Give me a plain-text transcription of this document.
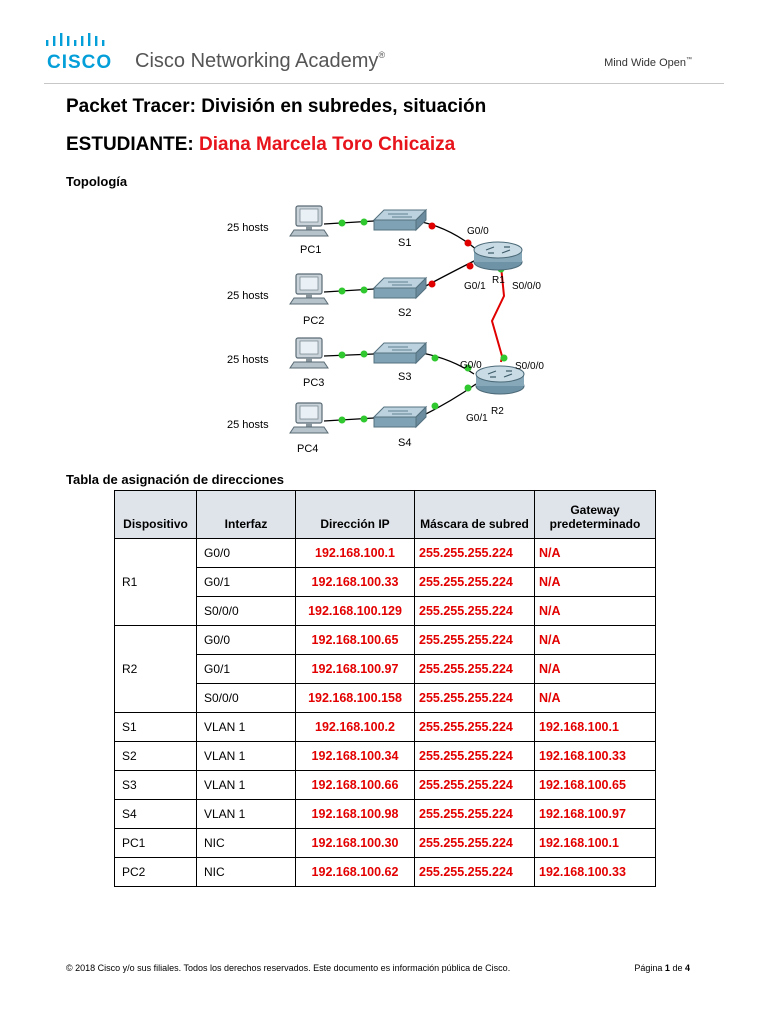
CISCO Cisco Networking Academy®
Mind Wide Open™
Packet Tracer: División en subredes, situación
ESTUDIANTE: Diana Marcela Toro Chicaiza
Topología
25 hosts
25 hosts
25 hosts
25 hosts
PC1
PC2
PC3
PC4
S1
S2
S3
S4
G0/0
R1
G0/1	S0/0/0
G0/0	S0/0/0
G0/1
R2
Tabla de asignación de direcciones
Dispositivo	Interfaz	Dirección IP	Máscara de subred	Gateway predeterminado
R1	G0/0	192.168.100.1	255.255.255.224	N/A
	G0/1	192.168.100.33	255.255.255.224	N/A
	S0/0/0	192.168.100.129	255.255.255.224	N/A
R2	G0/0	192.168.100.65	255.255.255.224	N/A
	G0/1	192.168.100.97	255.255.255.224	N/A
	S0/0/0	192.168.100.158	255.255.255.224	N/A
S1	VLAN 1	192.168.100.2	255.255.255.224	192.168.100.1
S2	VLAN 1	192.168.100.34	255.255.255.224	192.168.100.33
S3	VLAN 1	192.168.100.66	255.255.255.224	192.168.100.65
S4	VLAN 1	192.168.100.98	255.255.255.224	192.168.100.97
PC1	NIC	192.168.100.30	255.255.255.224	192.168.100.1
PC2	NIC	192.168.100.62	255.255.255.224	192.168.100.33
© 2018 Cisco y/o sus filiales. Todos los derechos reservados. Este documento es información pública de Cisco.	Página 1 de 4
